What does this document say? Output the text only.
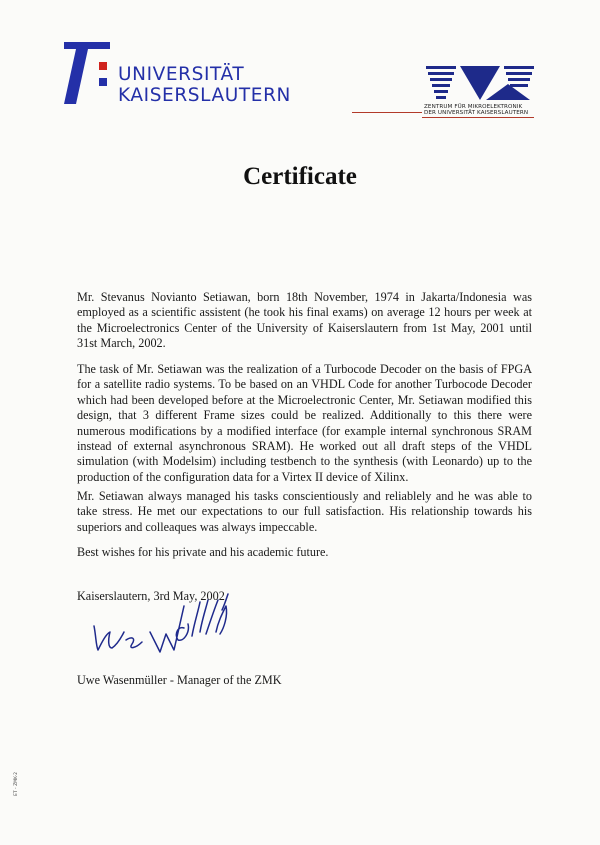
UNIVERSITÄT
KAISERSLAUTERN
ZENTRUM FÜR MIKROELEKTRONIK
DER UNIVERSITÄT KAISERSLAUTERN
Certificate

Mr. Stevanus Novianto Setiawan, born 18th November, 1974 in Jakarta/Indonesia was employed as a scientific assistent (he took his final exams) on average 12 hours per week at the Microelectronics Center of the University of Kaiserslautern from 1st May, 2001 until 31st March, 2002.

The task of Mr. Setiawan was the realization of a Turbocode Decoder on the basis of FPGA for a satellite radio systems. To be based on an VHDL Code for another Turbocode Decoder which had been developed before at the Microelectronic Center, Mr. Setiawan modified this design, that 3 different Frame sizes could be realized. Additionally to this there were numerous modifications by a modified interface (for example internal synchronous SRAM instead of external asynchronous SRAM). He worked out all draft steps of the VHDL simulation (with Modelsim) including testbench to the synthesis (with Leonardo) up to the production of the configuration data for a Virtex II device of Xilinx.

Mr. Setiawan always managed his tasks conscientiously and reliablely and he was able to take stress. He met our expectations to our full satisfaction. His relationship towards his superiors and colleaques was always impeccable.

Best wishes for his private and his academic future.

Kaiserslautern, 3rd May, 2002
Uwe Wasenmüller - Manager of the ZMK
ET - ZMK-2
